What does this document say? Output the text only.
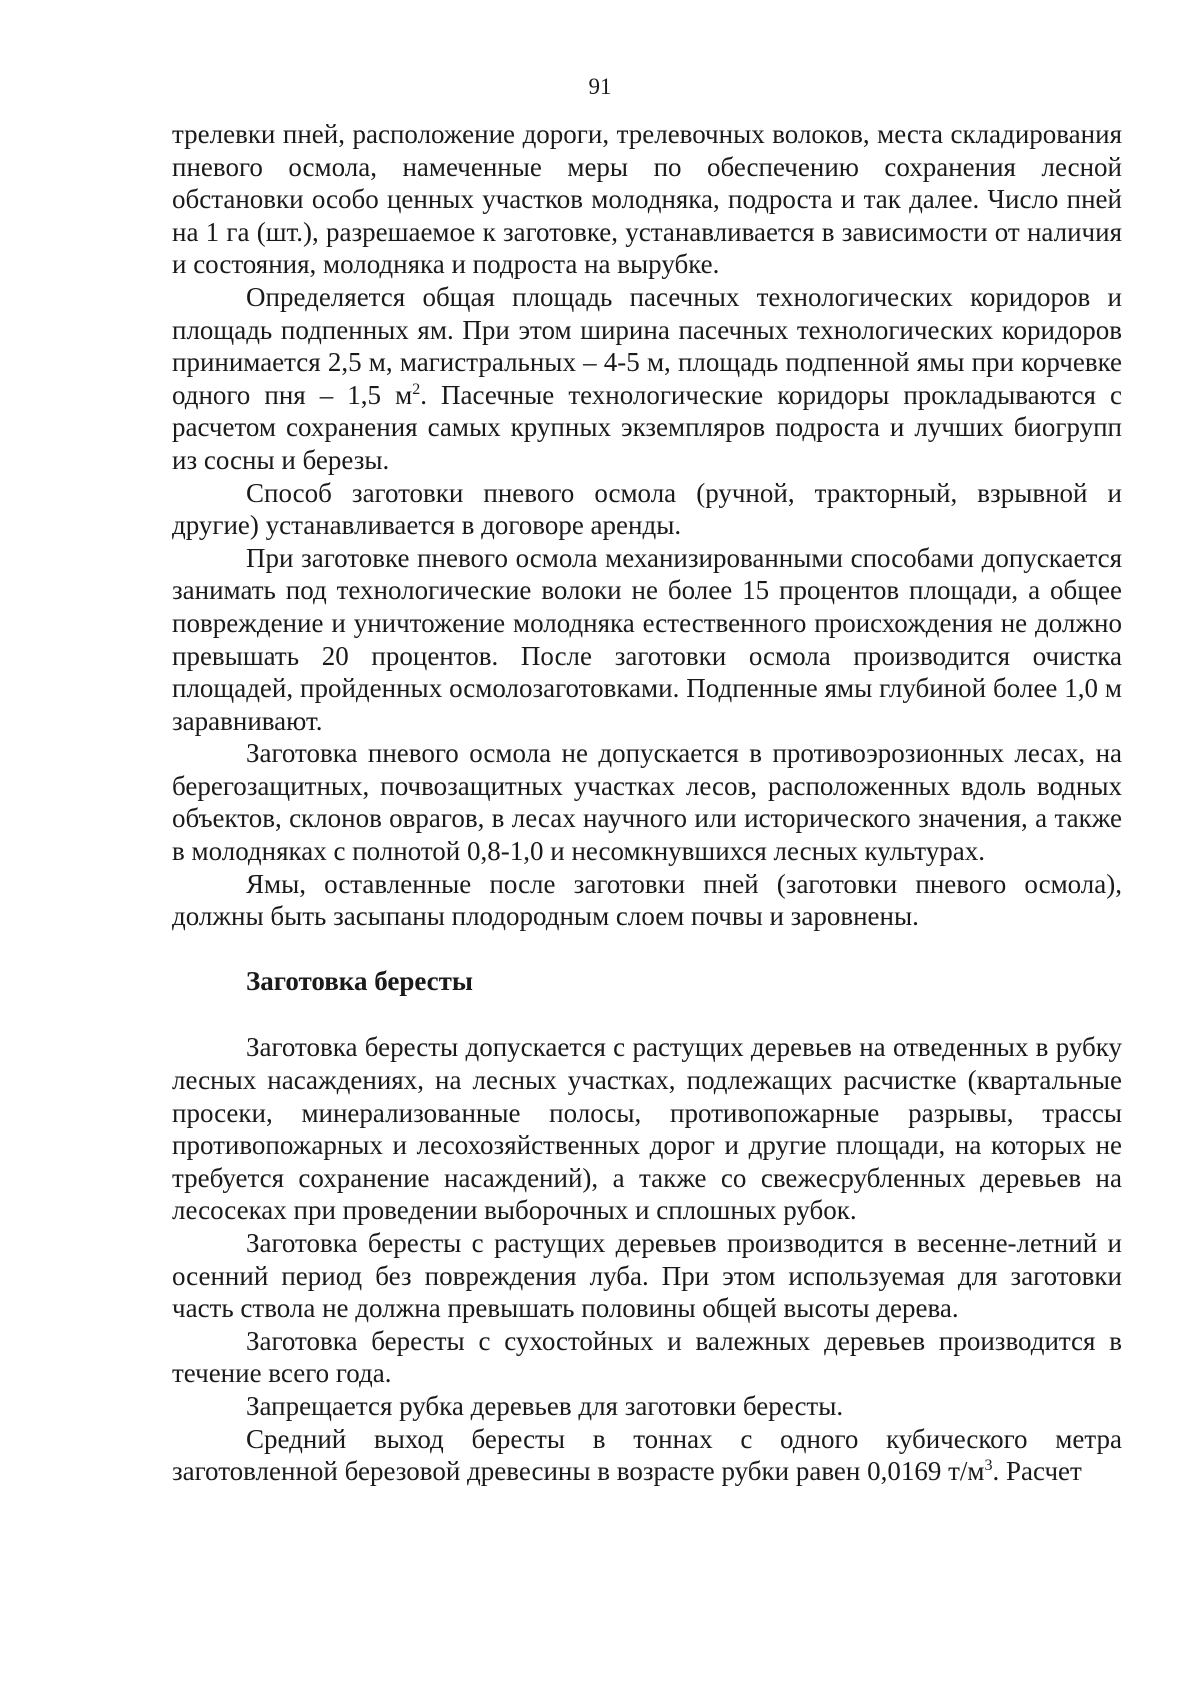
91

трелевки пней, расположение дороги, трелевочных волоков, места складирования пневого осмола, намеченные меры по обеспечению сохранения лесной обстановки особо ценных участков молодняка, подроста и так далее. Число пней на 1 га (шт.), разрешаемое к заготовке, устанавливается в зависимости от наличия и состояния, молодняка и подроста на вырубке.

Определяется общая площадь пасечных технологических коридоров и площадь подпенных ям. При этом ширина пасечных технологических коридоров принимается 2,5 м, магистральных – 4-5 м, площадь подпенной ямы при корчевке одного пня – 1,5 $м^2$. Пасечные технологические коридоры прокладываются с расчетом сохранения самых крупных экземпляров подроста и лучших биогрупп из сосны и березы.

Способ заготовки пневого осмола (ручной, тракторный, взрывной и другие) устанавливается в договоре аренды.

При заготовке пневого осмола механизированными способами допускается занимать под технологические волоки не более 15 процентов площади, а общее повреждение и уничтожение молодняка естественного происхождения не должно превышать 20 процентов. После заготовки осмола производится очистка площадей, пройденных осмолозаготовками. Подпенные ямы глубиной более 1,0 м заравнивают.

Заготовка пневого осмола не допускается в противоэрозионных лесах, на берегозащитных, почвозащитных участках лесов, расположенных вдоль водных объектов, склонов оврагов, в лесах научного или исторического значения, а также в молодняках с полнотой 0,8-1,0 и несомкнувшихся лесных культурах.

Ямы, оставленные после заготовки пней (заготовки пневого осмола), должны быть засыпаны плодородным слоем почвы и заровнены.

Заготовка бересты

Заготовка бересты допускается с растущих деревьев на отведенных в рубку лесных насаждениях, на лесных участках, подлежащих расчистке (квартальные просеки, минерализованные полосы, противопожарные разрывы, трассы противопожарных и лесохозяйственных дорог и другие площади, на которых не требуется сохранение насаждений), а также со свежесрубленных деревьев на лесосеках при проведении выборочных и сплошных рубок.

Заготовка бересты с растущих деревьев производится в весенне-летний и осенний период без повреждения луба. При этом используемая для заготовки часть ствола не должна превышать половины общей высоты дерева.

Заготовка бересты с сухостойных и валежных деревьев производится в течение всего года.

Запрещается рубка деревьев для заготовки бересты.

Средний выход бересты в тоннах с одного кубического метра заготовленной березовой древесины в возрасте рубки равен 0,0169 $т/м^3$. Расчет
